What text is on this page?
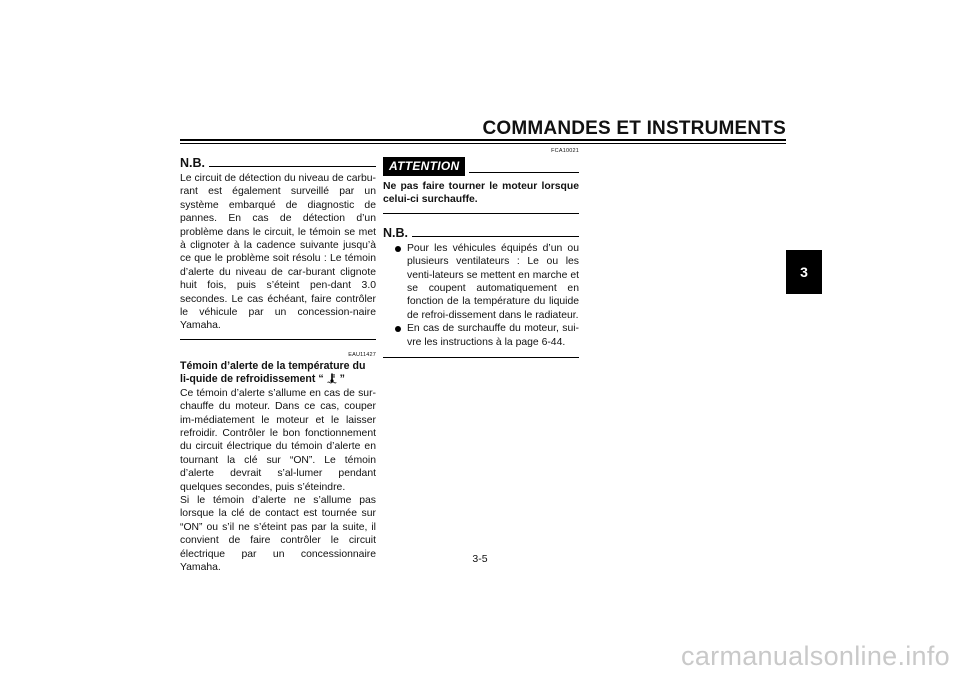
COMMANDES ET INSTRUMENTS
3
N.B.

Le circuit de détection du niveau de carbu-rant est également surveillé par un système embarqué de diagnostic de pannes. En cas de détection d’un problème dans le circuit, le témoin se met à clignoter à la cadence suivante jusqu’à ce que le problème soit résolu : Le témoin d’alerte du niveau de car-burant clignote huit fois, puis s’éteint pen-dant 3.0 secondes. Le cas échéant, faire contrôler le véhicule par un concession-naire Yamaha.

EAU11427
Témoin d’alerte de la température du li-quide de refroidissement “ ”

Ce témoin d’alerte s’allume en cas de sur-chauffe du moteur. Dans ce cas, couper im-médiatement le moteur et le laisser refroidir. Contrôler le bon fonctionnement du circuit électrique du témoin d’alerte en tournant la clé sur “ON”. Le témoin d’alerte devrait s’al-lumer pendant quelques secondes, puis s’éteindre.

Si le témoin d’alerte ne s’allume pas lorsque la clé de contact est tournée sur “ON” ou s’il ne s’éteint pas par la suite, il convient de faire contrôler le circuit électrique par un concessionnaire Yamaha.

FCA10021
ATTENTION

Ne pas faire tourner le moteur lorsque celui-ci surchauffe.

N.B.
Pour les véhicules équipés d’un ou plusieurs ventilateurs : Le ou les venti-lateurs se mettent en marche et se coupent automatiquement en fonction de la température du liquide de refroi-dissement dans le radiateur.
En cas de surchauffe du moteur, sui-vre les instructions à la page 6-44.
3-5
carmanualsonline.info
